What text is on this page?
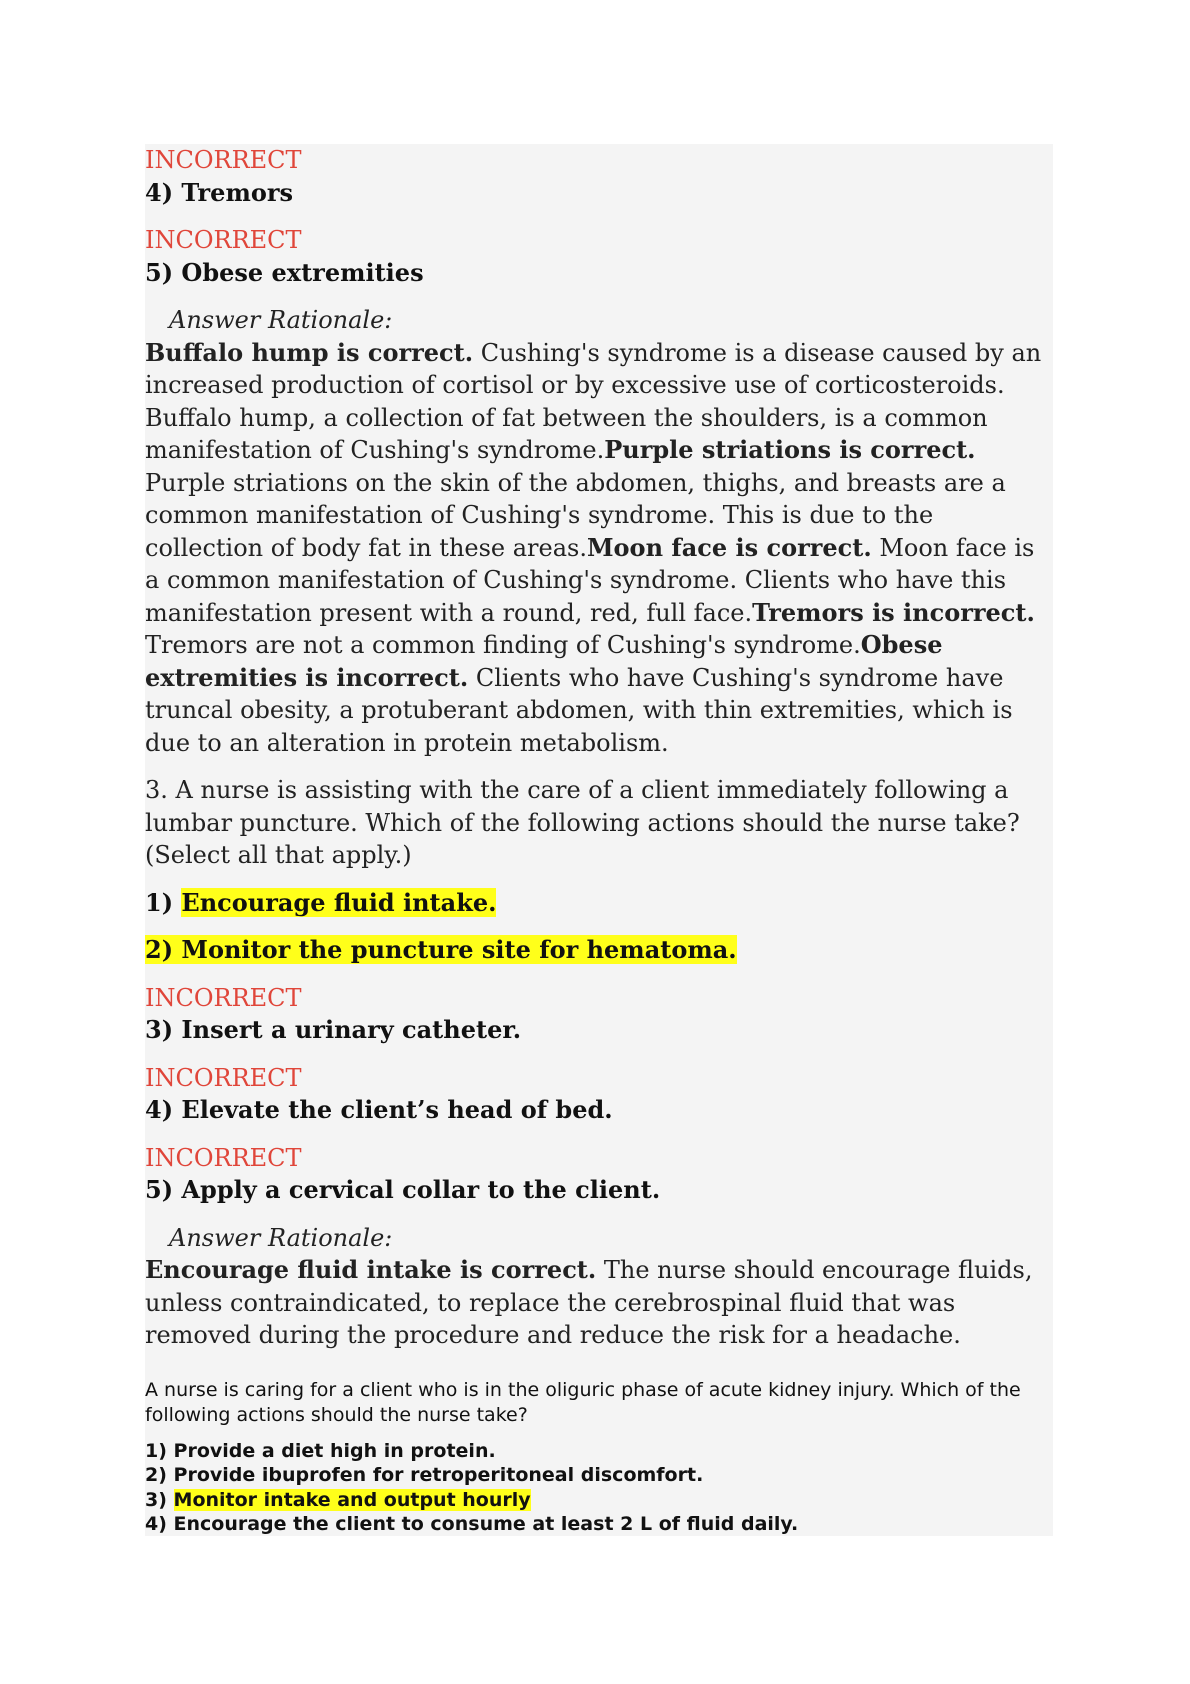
INCORRECT

4) Tremors

INCORRECT

5) Obese extremities

Answer Rationale:

Buffalo hump is correct. Cushing's syndrome is a disease caused by an increased production of cortisol or by excessive use of corticosteroids. Buffalo hump, a collection of fat between the shoulders, is a common manifestation of Cushing's syndrome.Purple striations is correct. Purple striations on the skin of the abdomen, thighs, and breasts are a common manifestation of Cushing's syndrome. This is due to the collection of body fat in these areas.Moon face is correct. Moon face is a common manifestation of Cushing's syndrome. Clients who have this manifestation present with a round, red, full face.Tremors is incorrect. Tremors are not a common finding of Cushing's syndrome.Obese extremities is incorrect. Clients who have Cushing's syndrome have truncal obesity, a protuberant abdomen, with thin extremities, which is due to an alteration in protein metabolism.

3. A nurse is assisting with the care of a client immediately following a lumbar puncture. Which of the following actions should the nurse take? (Select all that apply.)

1) Encourage fluid intake.

2) Monitor the puncture site for hematoma.

INCORRECT

3) Insert a urinary catheter.

INCORRECT

4) Elevate the client’s head of bed.

INCORRECT

5) Apply a cervical collar to the client.

Answer Rationale:

Encourage fluid intake is correct. The nurse should encourage fluids, unless contraindicated, to replace the cerebrospinal fluid that was removed during the procedure and reduce the risk for a headache.

A nurse is caring for a client who is in the oliguric phase of acute kidney injury. Which of the following actions should the nurse take?

1) Provide a diet high in protein.

2) Provide ibuprofen for retroperitoneal discomfort.

3) Monitor intake and output hourly

4) Encourage the client to consume at least 2 L of fluid daily.
